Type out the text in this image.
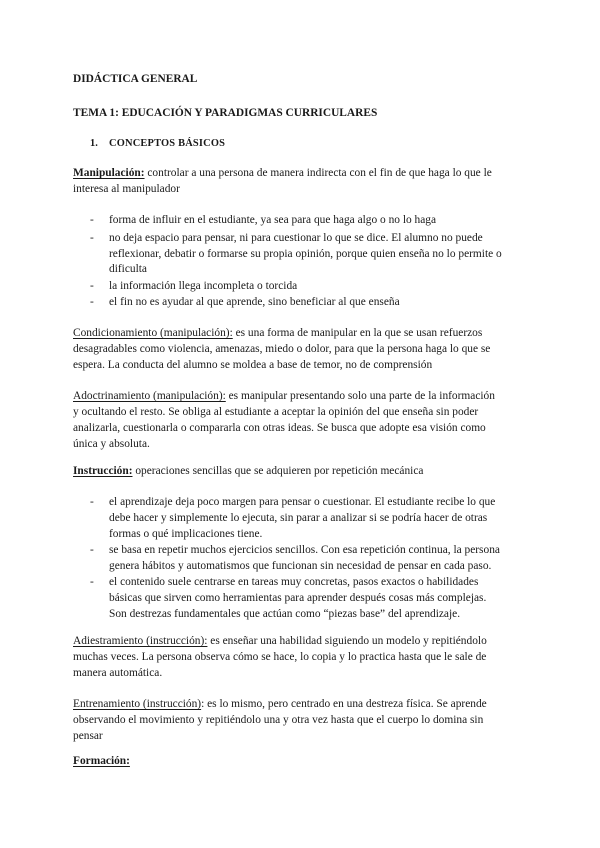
DIDÁCTICA GENERAL
TEMA 1: EDUCACIÓN Y PARADIGMAS CURRICULARES
1. CONCEPTOS BÁSICOS
Manipulación: controlar a una persona de manera indirecta con el fin de que haga lo que le
interesa al manipulador
- forma de influir en el estudiante, ya sea para que haga algo o no lo haga
- no deja espacio para pensar, ni para cuestionar lo que se dice. El alumno no puede
reflexionar, debatir o formarse su propia opinión, porque quien enseña no lo permite o
dificulta
- la información llega incompleta o torcida
- el fin no es ayudar al que aprende, sino beneficiar al que enseña
Condicionamiento (manipulación): es una forma de manipular en la que se usan refuerzos
desagradables como violencia, amenazas, miedo o dolor, para que la persona haga lo que se
espera. La conducta del alumno se moldea a base de temor, no de comprensión
Adoctrinamiento (manipulación): es manipular presentando solo una parte de la información
y ocultando el resto. Se obliga al estudiante a aceptar la opinión del que enseña sin poder
analizarla, cuestionarla o compararla con otras ideas. Se busca que adopte esa visión como
única y absoluta.
Instrucción: operaciones sencillas que se adquieren por repetición mecánica
- el aprendizaje deja poco margen para pensar o cuestionar. El estudiante recibe lo que
debe hacer y simplemente lo ejecuta, sin parar a analizar si se podría hacer de otras
formas o qué implicaciones tiene.
- se basa en repetir muchos ejercicios sencillos. Con esa repetición continua, la persona
genera hábitos y automatismos que funcionan sin necesidad de pensar en cada paso.
- el contenido suele centrarse en tareas muy concretas, pasos exactos o habilidades
básicas que sirven como herramientas para aprender después cosas más complejas.
Son destrezas fundamentales que actúan como “piezas base” del aprendizaje.
Adiestramiento (instrucción): es enseñar una habilidad siguiendo un modelo y repitiéndolo
muchas veces. La persona observa cómo se hace, lo copia y lo practica hasta que le sale de
manera automática.
Entrenamiento (instrucción): es lo mismo, pero centrado en una destreza física. Se aprende
observando el movimiento y repitiéndolo una y otra vez hasta que el cuerpo lo domina sin
pensar
Formación:
